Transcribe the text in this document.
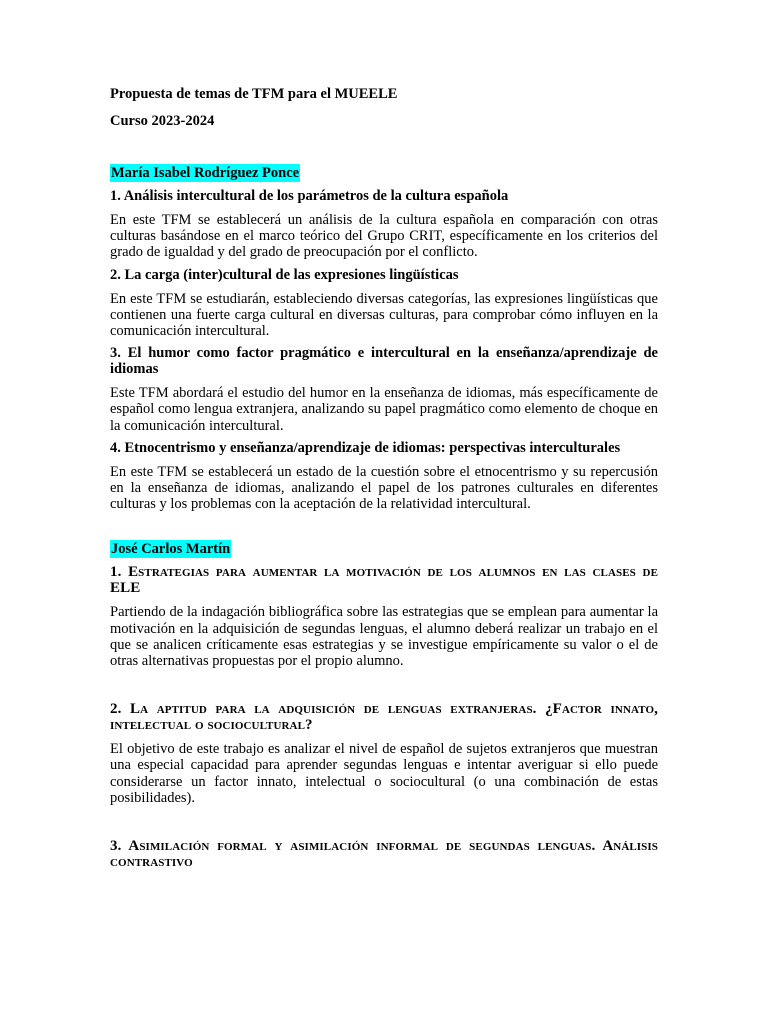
Propuesta de temas de TFM para el MUEELE

Curso 2023-2024

María Isabel Rodríguez Ponce

1. Análisis intercultural de los parámetros de la cultura española

En este TFM se establecerá un análisis de la cultura española en comparación con otras culturas basándose en el marco teórico del Grupo CRIT, específicamente en los criterios del grado de igualdad y del grado de preocupación por el conflicto.

2. La carga (inter)cultural de las expresiones lingüísticas

En este TFM se estudiarán, estableciendo diversas categorías, las expresiones lingüísticas que contienen una fuerte carga cultural en diversas culturas, para comprobar cómo influyen en la comunicación intercultural.

3. El humor como factor pragmático e intercultural en la enseñanza/aprendizaje de idiomas

Este TFM abordará el estudio del humor en la enseñanza de idiomas, más específicamente de español como lengua extranjera, analizando su papel pragmático como elemento de choque en la comunicación intercultural.

4. Etnocentrismo y enseñanza/aprendizaje de idiomas: perspectivas interculturales

En este TFM se establecerá un estado de la cuestión sobre el etnocentrismo y su repercusión en la enseñanza de idiomas, analizando el papel de los patrones culturales en diferentes culturas y los problemas con la aceptación de la relatividad intercultural.

José Carlos Martín

1. Estrategias para aumentar la motivación de los alumnos en las clases de ELE

Partiendo de la indagación bibliográfica sobre las estrategias que se emplean para aumentar la motivación en la adquisición de segundas lenguas, el alumno deberá realizar un trabajo en el que se analicen críticamente esas estrategias y se investigue empíricamente su valor o el de otras alternativas propuestas por el propio alumno.

2. La aptitud para la adquisición de lenguas extranjeras. ¿Factor innato, intelectual o sociocultural?

El objetivo de este trabajo es analizar el nivel de español de sujetos extranjeros que muestran una especial capacidad para aprender segundas lenguas e intentar averiguar si ello puede considerarse un factor innato, intelectual o sociocultural (o una combinación de estas posibilidades).

3. Asimilación formal y asimilación informal de segundas lenguas. Análisis contrastivo
